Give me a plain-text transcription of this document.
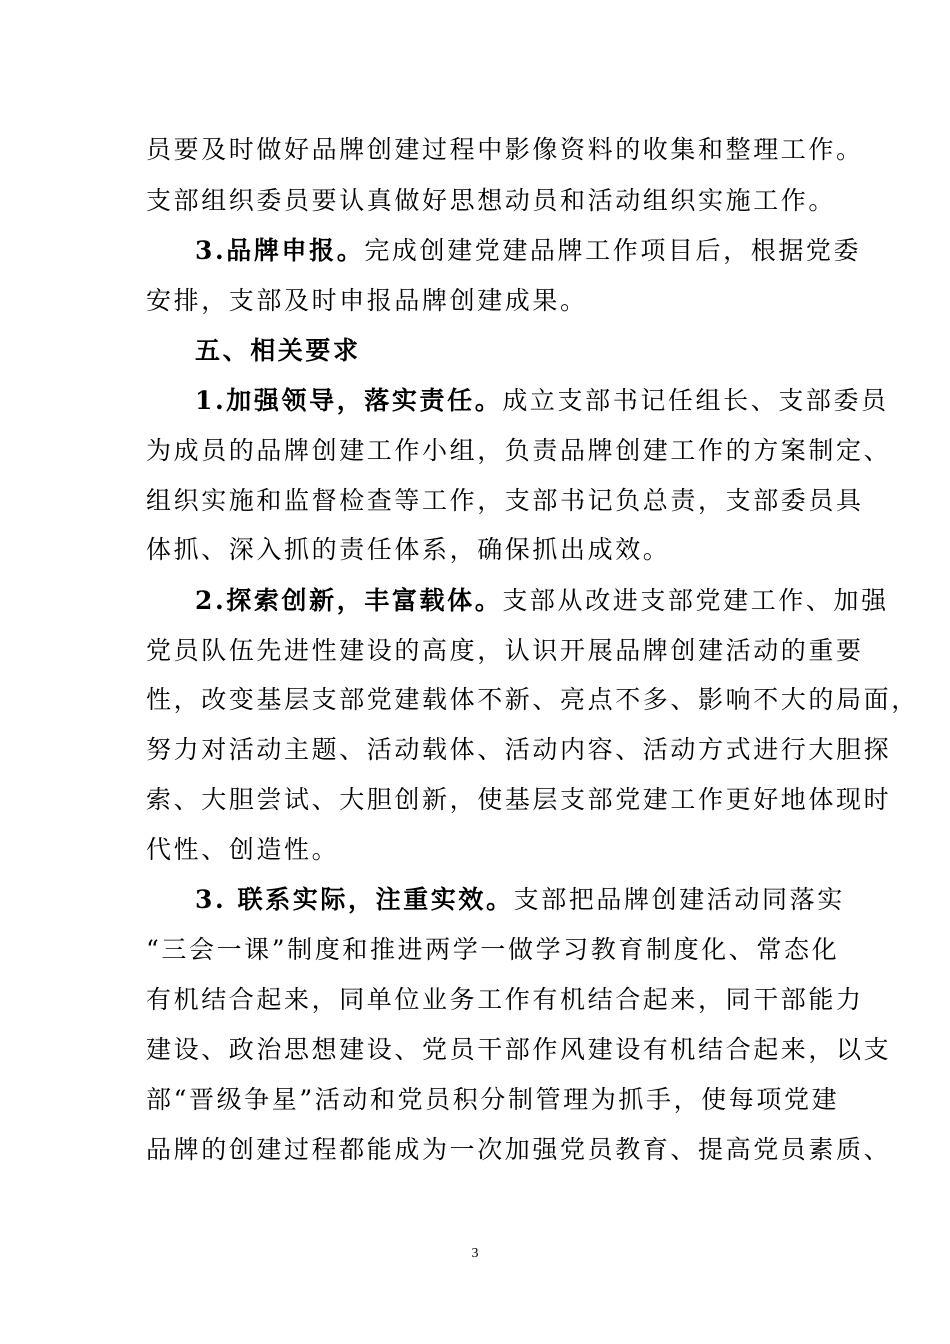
员要及时做好品牌创建过程中影像资料的收集和整理工作。
支部组织委员要认真做好思想动员和活动组织实施工作。
3.品牌申报。完成创建党建品牌工作项目后，根据党委
安排，支部及时申报品牌创建成果。
五、相关要求
1.加强领导，落实责任。成立支部书记任组长、支部委员
为成员的品牌创建工作小组，负责品牌创建工作的方案制定、
组织实施和监督检查等工作，支部书记负总责，支部委员具
体抓、深入抓的责任体系，确保抓出成效。
2.探索创新，丰富载体。支部从改进支部党建工作、加强
党员队伍先进性建设的高度，认识开展品牌创建活动的重要
性，改变基层支部党建载体不新、亮点不多、影响不大的局面，
努力对活动主题、活动载体、活动内容、活动方式进行大胆探
索、大胆尝试、大胆创新，使基层支部党建工作更好地体现时
代性、创造性。
3. 联系实际，注重实效。支部把品牌创建活动同落实
“三会一课”制度和推进两学一做学习教育制度化、常态化
有机结合起来，同单位业务工作有机结合起来，同干部能力
建设、政治思想建设、党员干部作风建设有机结合起来，以支
部“晋级争星”活动和党员积分制管理为抓手，使每项党建
品牌的创建过程都能成为一次加强党员教育、提高党员素质、
3
